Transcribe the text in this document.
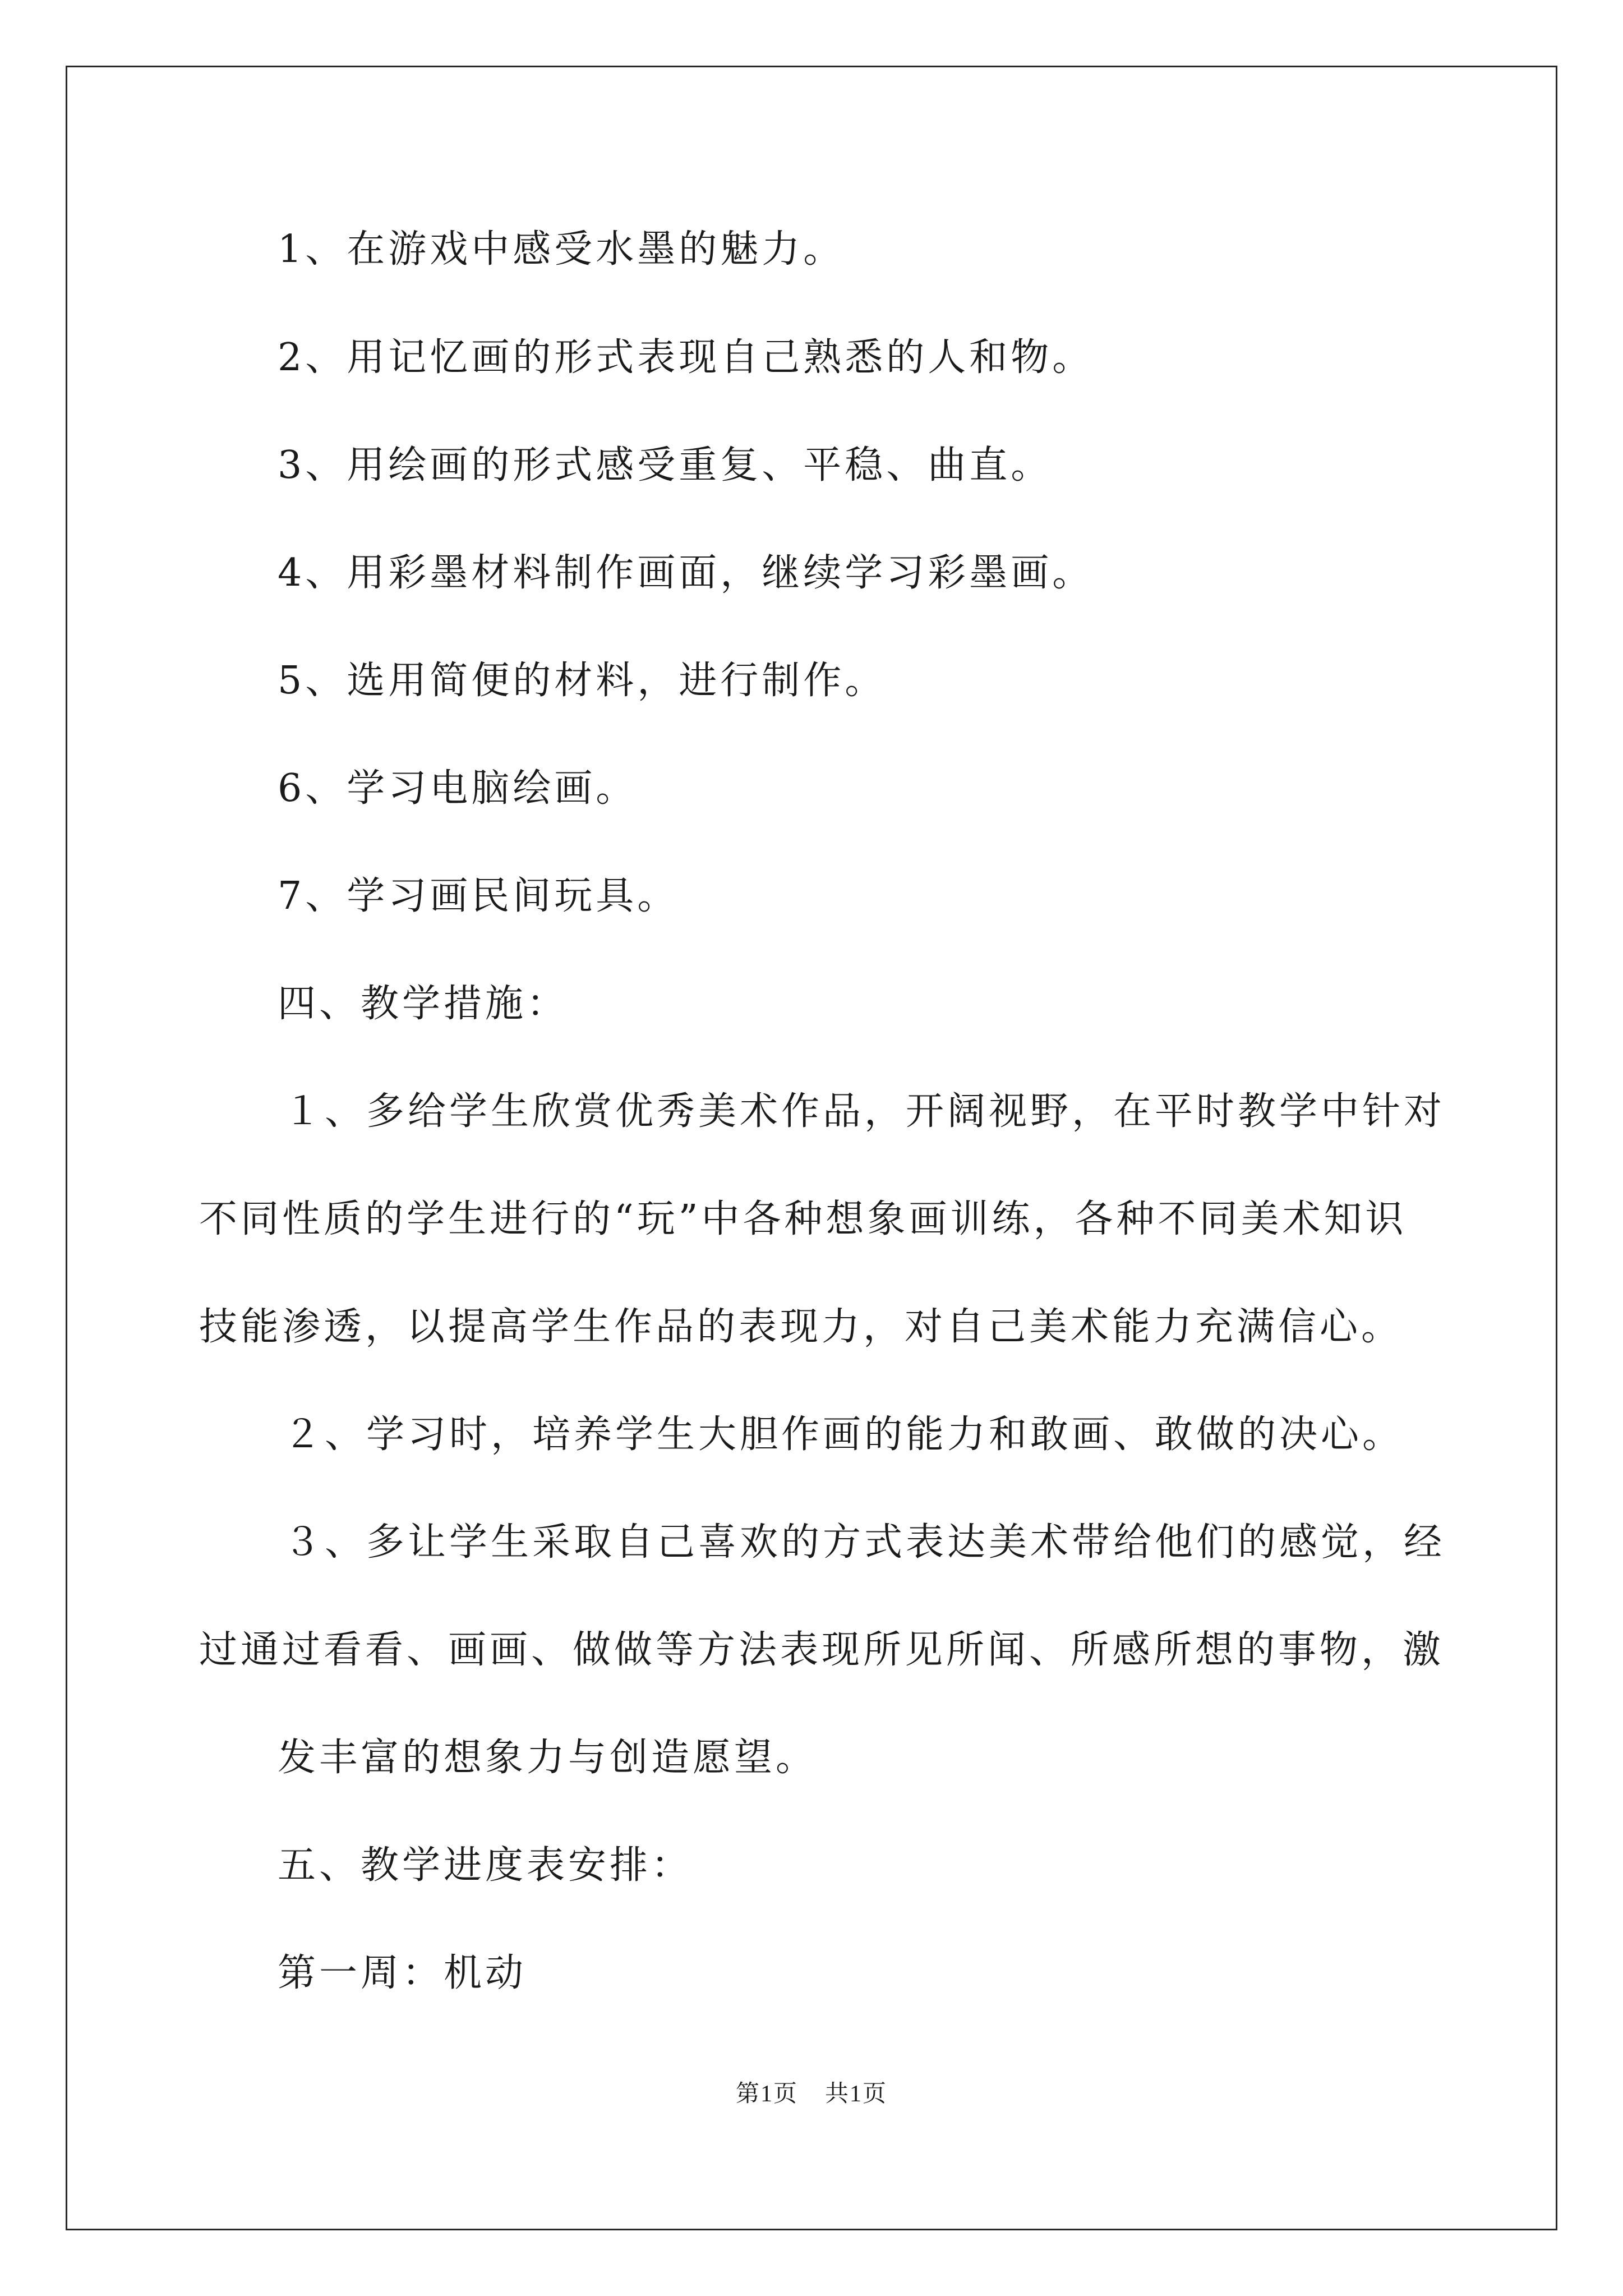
1、在游戏中感受水墨的魅力。
2、用记忆画的形式表现自己熟悉的人和物。
3、用绘画的形式感受重复、平稳、曲直。
4、用彩墨材料制作画面，继续学习彩墨画。
5、选用简便的材料，进行制作。
6、学习电脑绘画。
7、学习画民间玩具。
四、教学措施：
１、多给学生欣赏优秀美术作品，开阔视野，在平时教学中针对
不同性质的学生进行的“玩”中各种想象画训练，各种不同美术知识
技能渗透，以提高学生作品的表现力，对自己美术能力充满信心。
２、学习时，培养学生大胆作画的能力和敢画、敢做的决心。
３、多让学生采取自己喜欢的方式表达美术带给他们的感觉，经
过通过看看、画画、做做等方法表现所见所闻、所感所想的事物，激
发丰富的想象力与创造愿望。
五、教学进度表安排：
第一周：机动
第1页 共1页
